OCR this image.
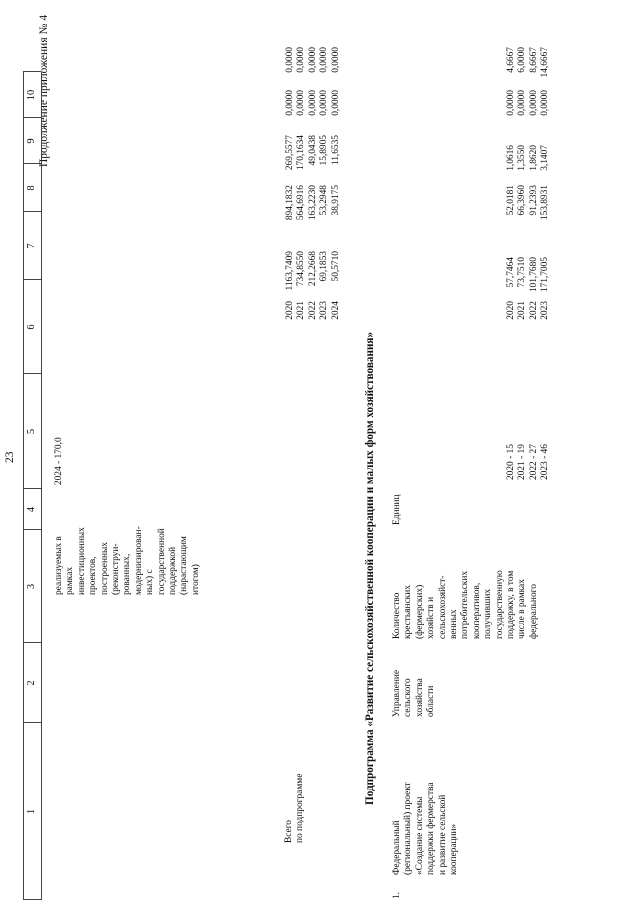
23
Продолжение приложения № 4
1
2
3
4
5
6
7
8
9
10
реализуемых в
рамках
инвестиционных
проектов,
построенных
(реконструи-
рованных,
модернизирован-
ных) с
государственной
поддержкой
(нарастающим
итогом)
2024 - 170,0
Всего
по подпрограмме
2020
2021
2022
2023
2024
1163,7409
734,8550
212,2668
69,1853
50,5710
894,1832
564,6916
163,2230
53,2948
38,9175
269,5577
170,1634
49,0438
15,8905
11,6535
0,0000
0,0000
0,0000
0,0000
0,0000
0,0000
0,0000
0,0000
0,0000
0,0000
Подпрограмма «Развитие сельскохозяйственной кооперации и малых форм хозяйствования»
1.
Федеральный
(региональный) проект
«Создание системы
поддержки фермерства
и развитие сельской
кооперации»
Управление
сельского
хозяйства
области
Количество
крестьянских
(фермерских)
хозяйств и
сельскохозяйст-
венных
потребительских
кооперативов,
получивших
государственную
поддержку, в том
числе в рамках
федерального
Единиц
2020 - 15
2021 - 19
2022 - 27
2023 - 46
2020
2021
2022
2023
57,7464
73,7510
101,7680
171,7005
52,0181
66,3960
91,2393
153,8931
1,0616
1,3550
1,8620
3,1407
0,0000
0,0000
0,0000
0,0000
4,6667
6,0000
8,6667
14,6667
